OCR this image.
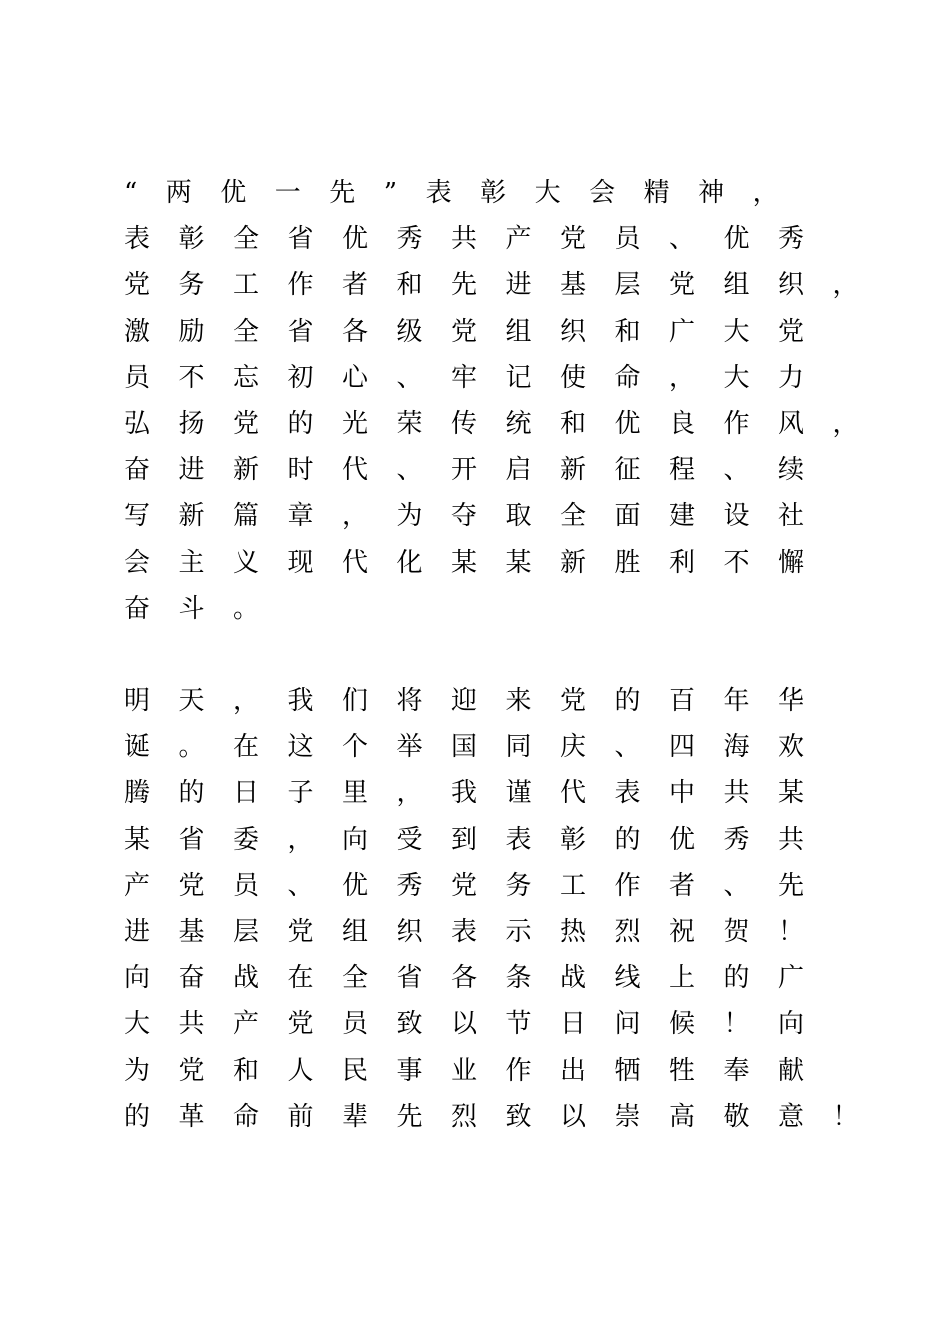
“两优一先”表彰大会精神，
表彰全省优秀共产党员、优秀
党务工作者和先进基层党组织，
激励全省各级党组织和广大党
员不忘初心、牢记使命，大力
弘扬党的光荣传统和优良作风，
奋进新时代、开启新征程、续
写新篇章，为夺取全面建设社
会主义现代化某某新胜利不懈
奋斗。
明天，我们将迎来党的百年华
诞。在这个举国同庆、四海欢
腾的日子里，我谨代表中共某
某省委，向受到表彰的优秀共
产党员、优秀党务工作者、先
进基层党组织表示热烈祝贺！
向奋战在全省各条战线上的广
大共产党员致以节日问候！向
为党和人民事业作出牺牲奉献
的革命前辈先烈致以崇高敬意！
